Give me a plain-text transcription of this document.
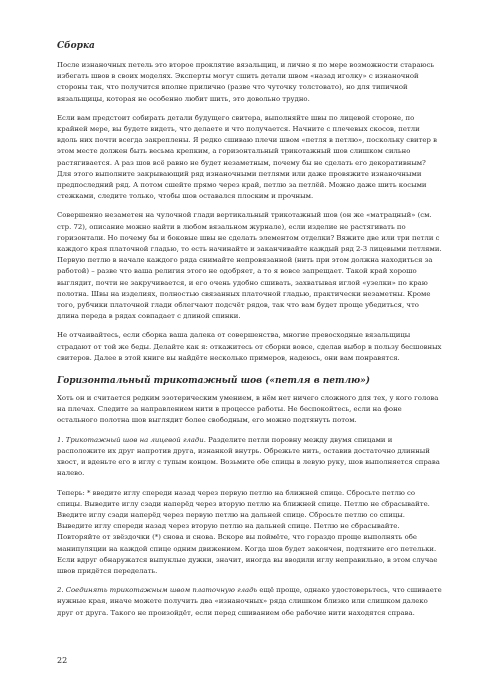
Сборка

После изнаночных петель это второе проклятие вязальщиц, и лично я по мере возможности стараюсь избегать швов в своих моделях. Эксперты могут сшить детали швом «назад иголку» с изнаночной стороны так, что получится вполне прилично (разве что чуточку толстовато), но для типичной вязальщицы, которая не особенно любит шить, это довольно трудно.

Если вам предстоит собирать детали будущего свитера, выполняйте швы по лицевой стороне, по крайней мере, вы будете видеть, что делаете и что получается. Начните с плечевых скосов, петли вдоль них почти всегда закреплены. Я редко сшиваю плечи швом «петля в петлю», поскольку свитер в этом месте должен быть весьма крепким, а горизонтальный трикотажный шов слишком сильно растягивается. А раз шов всё равно не будет незаметным, почему бы не сделать его декоративным? Для этого выполните закрывающий ряд изнаночными петлями или даже провяжите изнаночными предпоследний ряд. А потом сшейте прямо через край, петлю за петлёй. Можно даже шить косыми стежками, следите только, чтобы шов оставался плоским и прочным.

Совершенно незаметен на чулочной глади вертикальный трикотажный шов (он же «матрацный» (см. стр. 72), описание можно найти в любом вязальном журнале), если изделие не растягивать по горизонтали. Но почему бы и боковые швы не сделать элементом отделки? Вяжите две или три петли с каждого края платочной гладью, то есть начинайте и заканчивайте каждый ряд 2-3 лицевыми петлями. Первую петлю в начале каждого ряда снимайте непровязанной (нить при этом должна находиться за работой) – разве что ваша религия этого не одобряет, а то я вовсе запрещает. Такой край хорошо выглядит, почти не закручивается, и его очень удобно сшивать, захватывая иглой «узелки» по краю полотна. Швы на изделиях, полностью связанных платочной гладью, практически незаметны. Кроме того, рубчики платочной глади облегчают подсчёт рядов, так что вам будет проще убедиться, что длина переда в рядах совпадает с длиной спинки.

Не отчаивайтесь, если сборка ваша далека от совершенства, многие превосходные вязальщицы страдают от той же беды. Делайте как я: откажитесь от сборки вовсе, сделав выбор в пользу бесшовных свитеров. Далее в этой книге вы найдёте несколько примеров, надеюсь, они вам понравятся.

Горизонтальный трикотажный шов («петля в петлю»)

Хоть он и считается редким эзотерическим умением, в нём нет ничего сложного для тех, у кого голова на плечах. Следите за направлением нити в процессе работы. Не беспокойтесь, если на фоне остального полотна шов выглядит более свободным, его можно подтянуть потом.

1. Трикотажный шов на лицевой глади. Разделите петли поровну между двумя спицами и расположите их друг напротив друга, изнанкой внутрь. Обрежьте нить, оставив достаточно длинный хвост, и вденьте его в иглу с тупым концом. Возьмите обе спицы в левую руку, шов выполняется справа налево.

Теперь: * введите иглу спереди назад через первую петлю на ближней спице. Сбросьте петлю со спицы. Выведите иглу сзади наперёд через вторую петлю на ближней спице. Петлю не сбрасывайте. Введите иглу сзади наперёд через первую петлю на дальней спице. Сбросьте петлю со спицы. Выведите иглу спереди назад через вторую петлю на дальней спице. Петлю не сбрасывайте. Повторяйте от звёздочки (*) снова и снова. Вскоре вы поймёте, что гораздо проще выполнять обе манипуляции на каждой спице одним движением. Когда шов будет закончен, подтяните его петельки. Если вдруг обнаружатся выпуклые дужки, значит, иногда вы вводили иглу неправильно, в этом случае швов придётся переделать.

2. Соединять трикотажным швом платочную гладь ещё проще, однако удостоверьтесь, что сшиваете нужные края, иначе можете получить два «изнаночных» ряда слишком близко или слишком далеко друг от друга. Такого не произойдёт, если перед сшиванием обе рабочие нити находятся справа.

22
